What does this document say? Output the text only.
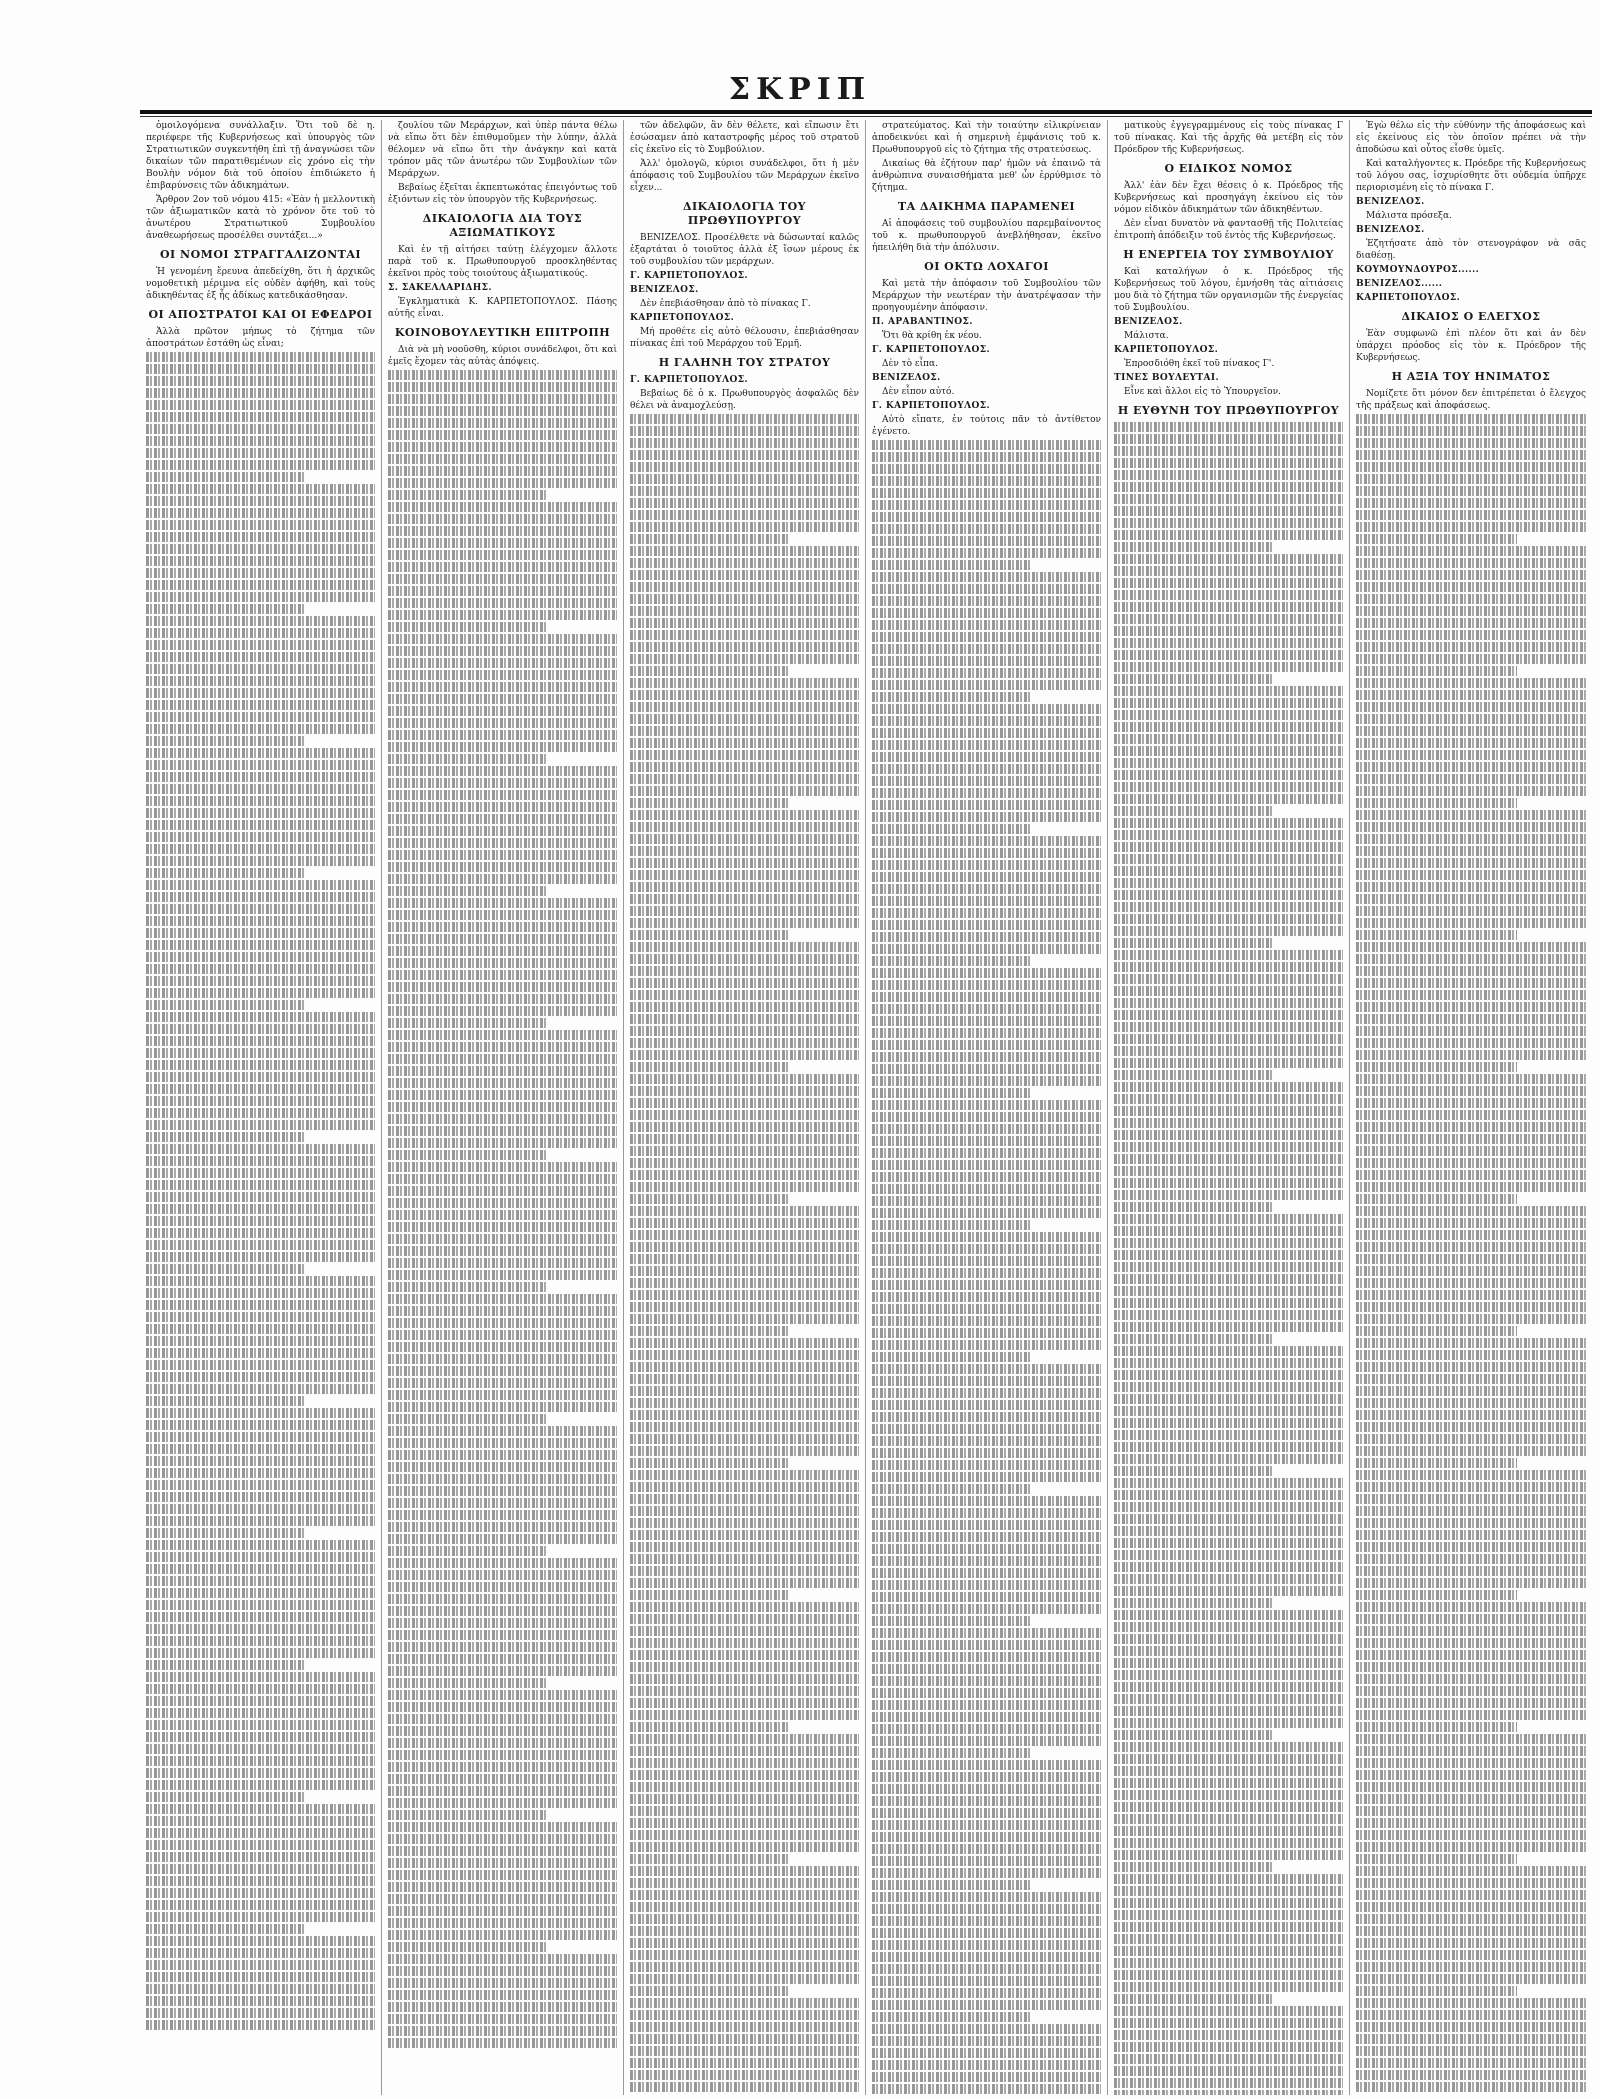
ΣΚΡΙΠ

ὁμοιλογόμενα συνάλλαξιν. Ὅτι τοῦ δὲ η. περιέφερε τῆς Κυβερνήσεως καὶ ὑπουργὸς τῶν Στρατιωτικῶν συγκεντήθη ἐπὶ τῇ ἀναγνώσει τῶν δικαίων τῶν παρατιθεμένων εἰς χρόνο εἰς τὴν Βουλὴν νόμον διὰ τοῦ ὁποίου ἐπιδιώκετο ἡ ἐπιβαρύνσεις τῶν ἀδικημάτων.

Ἄρθρον 2ον τοῦ νόμου 415: «Ἐὰν ἡ μελλοντικὴ τῶν ἀξιωματικῶν κατὰ τὸ χρόνον ὅτε τοῦ τὸ ἀνωτέρου Στρατιωτικοῦ Συμβουλίου ἀναθεωρήσεως προσέλθει συντάξει...»

ΟΙ ΝΟΜΟΙ ΣΤΡΑΓΓΑΛΙΖΟΝΤΑΙ

Ἡ γενομένη ἔρευνα ἀπεδείχθη, ὅτι ἡ ἀρχικῶς νομοθετικὴ μέριμνα εἰς οὐδὲν ἀφήθη, καὶ τοὺς ἀδικηθέντας ἐξ ἧς ἀδίκως κατεδικάσθησαν.

ΟΙ ΑΠΟΣΤΡΑΤΟΙ ΚΑΙ ΟΙ ΕΦΕΔΡΟΙ

Ἀλλὰ πρῶτον μήπως τὸ ζήτημα τῶν ἀποστράτων ἐστάθη ὡς εἶναι;

ζουλίου τῶν Μεράρχων, καὶ ὑπὲρ πάντα θέλω νὰ εἴπω ὅτι δὲν ἐπιθυμοῦμεν τὴν λύπην, ἀλλὰ θέλομεν νὰ εἴπω ὅτι τὴν ἀνάγκην καὶ κατὰ τρόπον μᾶς τῶν ἀνωτέρω τῶν Συμβουλίων τῶν Μεράρχων.

Βεβαίως ἐξεῖται ἐκπεπτωκότας ἐπειγόντως τοῦ ἐξιόντων εἰς τὸν ὑπουργὸν τῆς Κυβερνήσεως.

ΔΙΚΑΙΟΛΟΓΙΑ ΔΙΑ ΤΟΥΣ ΑΞΙΩΜΑΤΙΚΟΥΣ

Καὶ ἐν τῇ αἰτήσει ταύτῃ ἐλέγχομεν ἄλλοτε παρὰ τοῦ κ. Πρωθυπουργοῦ προσκληθέντας ἐκεῖνοι πρὸς τοὺς τοιούτους ἀξιωματικούς.

Σ. ΣΑΚΕΛΛΑΡΙΔΗΣ.

Ἐγκληματικὰ Κ. ΚΑΡΠΕΤΟΠΟΥΛΟΣ. Πάσης αὐτῆς εἶναι.

ΚΟΙΝΟΒΟΥΛΕΥΤΙΚΗ ΕΠΙΤΡΟΠΗ

Διὰ νὰ μὴ νοοῦσθη, κύριοι συνάδελφοι, ὅτι καὶ ἐμεῖς ἔχομεν τὰς αὐτὰς ἀπόψεις.

τῶν ἀδελφῶν, ἂν δὲν θέλετε, καὶ εἴπωσιν ἔτι ἐσώσαμεν ἀπὸ καταστροφῆς μέρος τοῦ στρατοῦ εἰς ἐκεῖνο εἰς τὸ Συμβούλιον.

Ἀλλ' ὁμολογῶ, κύριοι συνάδελφοι, ὅτι ἡ μὲν ἀπόφασις τοῦ Συμβουλίου τῶν Μεράρχων ἐκεῖνο εἶχεν...

ΔΙΚΑΙΟΛΟΓΙΑ ΤΟΥ ΠΡΩΘΥΠΟΥΡΓΟΥ

ΒΕΝΙΖΕΛΟΣ. Προσέλθετε νὰ δώσωνταί καλῶς ἐξαρτάται ὁ τοιοῦτος ἀλλὰ ἐξ ἴσων μέρους ἐκ τοῦ συμβουλίου τῶν μεράρχων.

Γ. ΚΑΡΠΕΤΟΠΟΥΛΟΣ.

ΒΕΝΙΖΕΛΟΣ.

Δὲν ἐπεβιάσθησαν ἀπὸ τὸ πίνακας Γ.

ΚΑΡΠΕΤΟΠΟΥΛΟΣ.

Μή προθέτε εἰς αὐτὸ θέλουσιν, ἐπεβιάσθησαν πίνακας ἐπὶ τοῦ Μεράρχου τοῦ Ἑρμῆ.

Η ΓΑΛΗΝΗ ΤΟΥ ΣΤΡΑΤΟΥ

Γ. ΚΑΡΠΕΤΟΠΟΥΛΟΣ.

Βεβαίως δὲ ὁ κ. Πρωθυπουργὸς ἀσφαλῶς δὲν θέλει νὰ ἀναμοχλεύσῃ.

στρατεύματος. Καὶ τὴν τοιαύτην εἰλικρίνειαν ἀποδεικνύει καὶ ἡ σημερινὴ ἐμφάνισις τοῦ κ. Πρωθυπουργοῦ εἰς τὸ ζήτημα τῆς στρατεύσεως.

Δικαίως θὰ ἐζήτουν παρ' ἡμῶν νὰ ἐπαινῶ τὰ ἀνθρώπινα συναισθήματα μεθ' ὧν ἐρρύθμισε τὸ ζήτημα.

ΤΑ ΔΑΙΚΗΜΑ ΠΑΡΑΜΕΝΕΙ

Αἱ ἀποφάσεις τοῦ συμβουλίου παρεμβαίνοντος τοῦ κ. πρωθυπουργοῦ ἀνεβλήθησαν, ἐκεῖνο ἠπειλήθη διὰ τὴν ἀπόλυσιν.

ΟΙ ΟΚΤΩ ΛΟΧΑΓΟΙ

Καὶ μετὰ τὴν ἀπόφασιν τοῦ Συμβουλίου τῶν Μεράρχων τὴν νεωτέραν τὴν ἀνατρέψασαν τὴν προηγουμένην ἀπόφασιν.

Π. ΑΡΑΒΑΝΤΙΝΟΣ.

Ὅτι θὰ κρίθη ἐκ νέου.

Γ. ΚΑΡΠΕΤΟΠΟΥΛΟΣ.

Δὲν τὸ εἶπα.

ΒΕΝΙΖΕΛΟΣ.

Δὲν εἶπον αὐτό.

Γ. ΚΑΡΠΕΤΟΠΟΥΛΟΣ.

Αὐτὸ εἴπατε, ἐν τούτοις πᾶν τὸ ἀντίθετον ἐγένετο.

ματικοὺς ἐγγεγραμμένους εἰς τοὺς πίνακας Γ τοῦ πίνακας. Καὶ τῆς ἀρχῆς θὰ μετέβη εἰς τὸν Πρόεδρον τῆς Κυβερνήσεως.

Ο ΕΙΔΙΚΟΣ ΝΟΜΟΣ

Ἀλλ' ἐὰν δὲν ἔχει θέσεις ὁ κ. Πρόεδρος τῆς Κυβερνήσεως καὶ προσηγάγη ἐκείνου εἰς τὸν νόμον εἰδικὸν ἀδικημάτων τῶν ἀδικηθέντων.

Δὲν εἶναι δυνατὸν νὰ φαντασθῇ τῆς Πολιτείας ἐπιτροπὴ ἀπόδειξιν τοῦ ἐντὸς τῆς Κυβερνήσεως.

Η ΕΝΕΡΓΕΙΑ ΤΟΥ ΣΥΜΒΟΥΛΙΟΥ

Καὶ καταλήγων ὁ κ. Πρόεδρος τῆς Κυβερνήσεως τοῦ λόγου, ἐμνήσθη τὰς αἰτιάσεις μου διὰ τὸ ζήτημα τῶν οργανισμῶν τῆς ἐνεργείας τοῦ Συμβουλίου.

ΒΕΝΙΖΕΛΟΣ.

Μάλιστα.

ΚΑΡΠΕΤΟΠΟΥΛΟΣ.

Ἐπροσδιόθη ἐκεῖ τοῦ πίνακος Γ'.

ΤΙΝΕΣ ΒΟΥΛΕΥΤΑΙ.

Εἶνε καὶ ἄλλοι εἰς τὸ Ὑπουργεῖον.

Η ΕΥΘΥΝΗ ΤΟΥ ΠΡΩΘΥΠΟΥΡΓΟΥ

Ἐγὼ θέλω εἰς τὴν εὐθύνην τῆς ἀποφάσεως καὶ εἰς ἐκείνους εἰς τὸν ὁποῖον πρέπει νὰ τὴν ἀποδώσω καὶ οὗτος εἶσθε ὑμεῖς.

Καὶ καταλήγοντες κ. Πρόεδρε τῆς Κυβερνήσεως τοῦ λόγου σας, ἰσχυρίσθητε ὅτι οὐδεμία ὑπῆρχε περιορισμένη εἰς τὸ πίνακα Γ.

ΒΕΝΙΖΕΛΟΣ.

Μάλιστα πρόσεξα.

ΒΕΝΙΖΕΛΟΣ.

Ἐζητήσατε ἀπὸ τὸν στενογράφον νὰ σᾶς διαθέσῃ.

ΚΟΥΜΟΥΝΔΟΥΡΟΣ......

ΒΕΝΙΖΕΛΟΣ......

ΚΑΡΠΕΤΟΠΟΥΛΟΣ.

ΔΙΚΑΙΟΣ Ο ΕΛΕΓΧΟΣ

Ἐὰν συμφωνῶ ἐπὶ πλέον ὅτι καὶ ἀν δὲν ὑπάρχει πρόοδος εἰς τὸν κ. Πρόεδρον τῆς Κυβερνήσεως.

Η ΑΞΙΑ ΤΟΥ ΗΝΙΜΑΤΟΣ

Νομίζετε ὅτι μόνον δεν ἐπιτρέπεται ὁ ἔλεγχος τῆς πράξεως καὶ ἀποφάσεως.
